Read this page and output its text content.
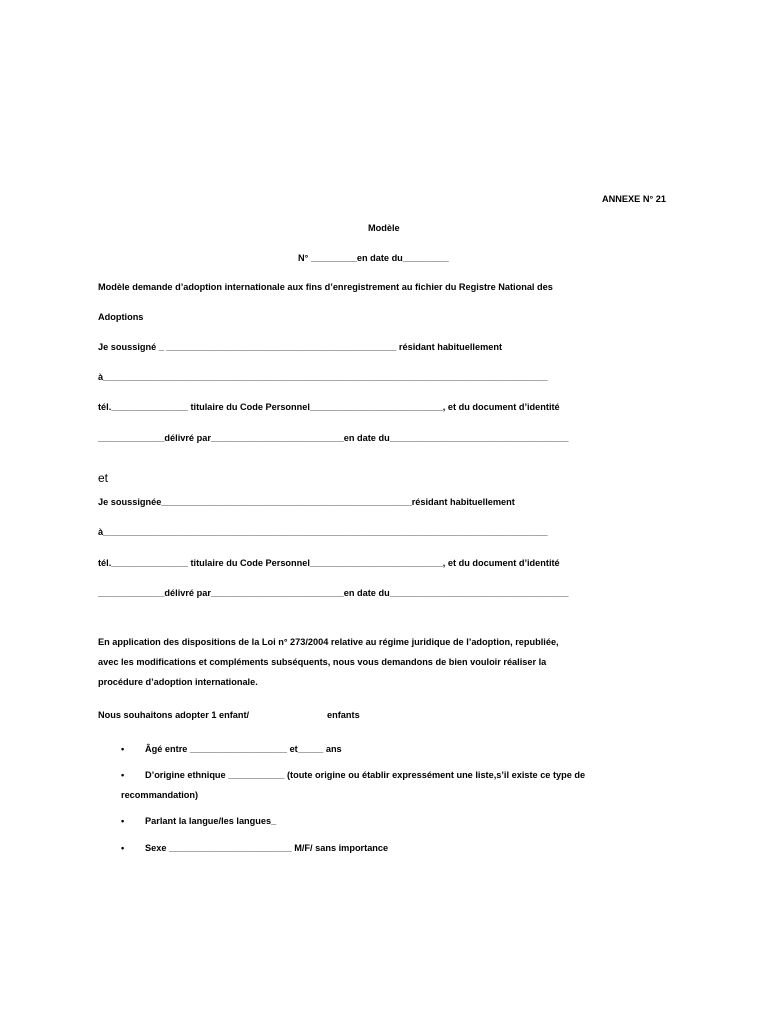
ANNEXE N° 21

Modèle

N° _________en date du_________

Modèle demande d’adoption internationale aux fins d’enregistrement au fichier du Registre National des

Adoptions

Je soussigné _ _____________________________________________ résidant habituellement

à_______________________________________________________________________________________

tél._______________ titulaire du Code Personnel__________________________, et du document d’identité

_____________délivré par__________________________en date du___________________________________

et

Je soussignée_________________________________________________résidant habituellement

à_______________________________________________________________________________________

tél._______________ titulaire du Code Personnel__________________________, et du document d’identité

_____________délivré par__________________________en date du___________________________________

En application des dispositions de la Loi n° 273/2004 relative au régime juridique de l’adoption, republiée,

avec les modifications et compléments subséquents, nous vous demandons de bien vouloir réaliser la

procédure d’adoption internationale.

Nous souhaitons adopter 1 enfant/	enfants

• Âgé entre ___________________ et_____ ans

• D’origine ethnique ___________ (toute origine ou établir expressément une liste,s’il existe ce type de

recommandation)

• Parlant la langue/les langues_

• Sexe ________________________ M/F/ sans importance
